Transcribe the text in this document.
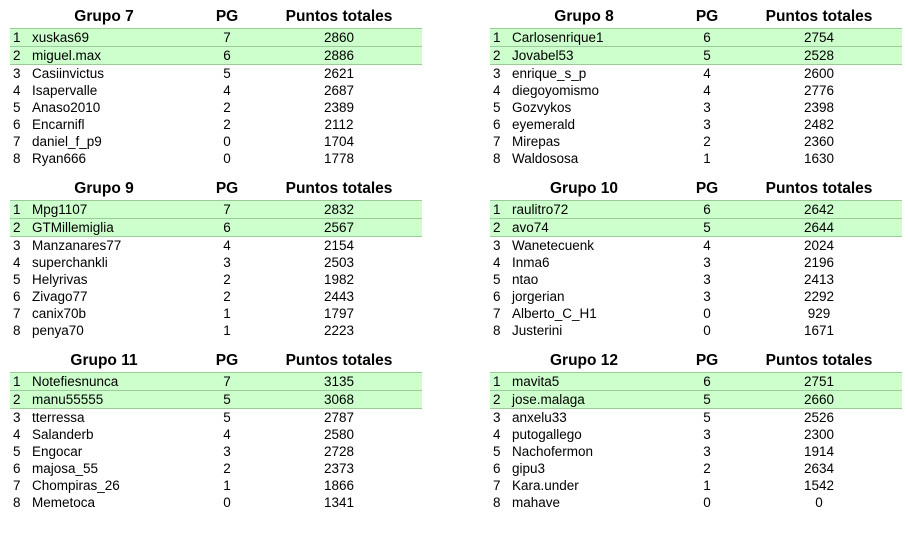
Grupo 7		PG	Puntos totales
1	xuskas69	7	2860
2	miguel.max	6	2886
3	Casiinvictus	5	2621
4	Isapervalle	4	2687
5	Anaso2010	2	2389
6	Encarnifl	2	2112
7	daniel_f_p9	0	1704
8	Ryan666	0	1778
Grupo 8		PG	Puntos totales
1	Carlosenrique1	6	2754
2	Jovabel53	5	2528
3	enrique_s_p	4	2600
4	diegoyomismo	4	2776
5	Gozvykos	3	2398
6	eyemerald	3	2482
7	Mirepas	2	2360
8	Waldososa	1	1630
Grupo 9		PG	Puntos totales
1	Mpg1107	7	2832
2	GTMillemiglia	6	2567
3	Manzanares77	4	2154
4	superchankli	3	2503
5	Helyrivas	2	1982
6	Zivago77	2	2443
7	canix70b	1	1797
8	penya70	1	2223
Grupo 10		PG	Puntos totales
1	raulitro72	6	2642
2	avo74	5	2644
3	Wanetecuenk	4	2024
4	Inma6	3	2196
5	ntao	3	2413
6	jorgerian	3	2292
7	Alberto_C_H1	0	929
8	Justerini	0	1671
Grupo 11		PG	Puntos totales
1	Notefiesnunca	7	3135
2	manu55555	5	3068
3	tterressa	5	2787
4	Salanderb	4	2580
5	Engocar	3	2728
6	majosa_55	2	2373
7	Chompiras_26	1	1866
8	Memetoca	0	1341
Grupo 12		PG	Puntos totales
1	mavita5	6	2751
2	jose.malaga	5	2660
3	anxelu33	5	2526
4	putogallego	3	2300
5	Nachofermon	3	1914
6	gipu3	2	2634
7	Kara.under	1	1542
8	mahave	0	0
